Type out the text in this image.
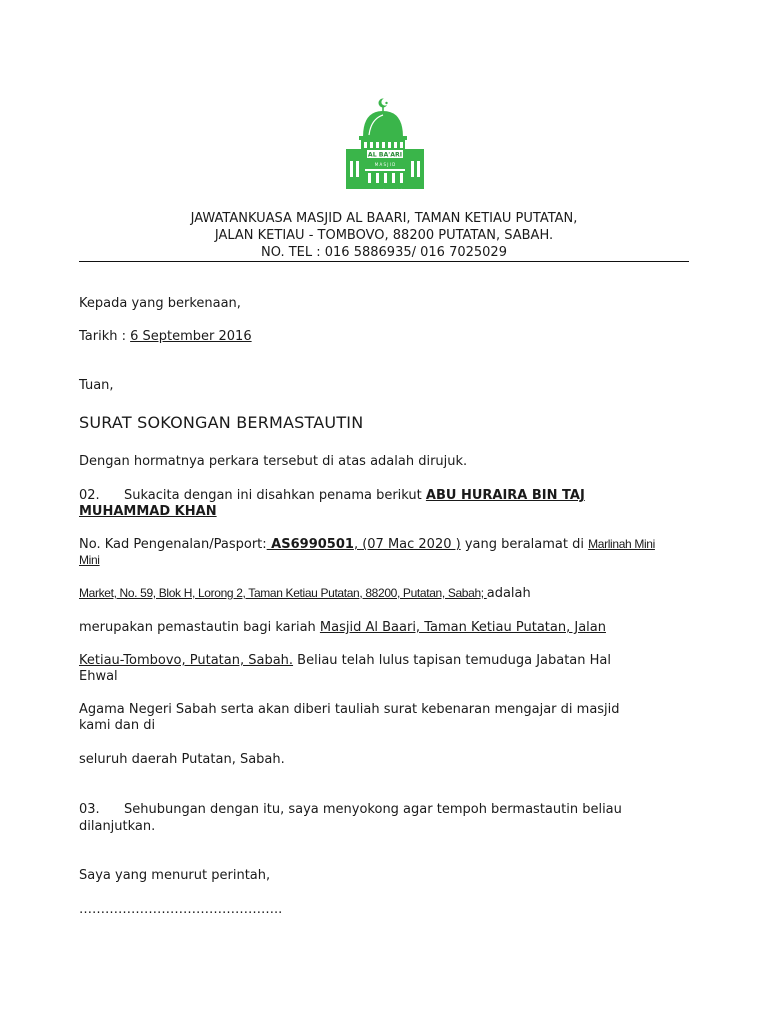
AL BA'ARI
M A S J I D
Taman Ketiau Putatan
JAWATANKUASA MASJID AL BAARI, TAMAN KETIAU PUTATAN,
JALAN KETIAU - TOMBOVO, 88200 PUTATAN, SABAH.
NO. TEL : 016 5886935/ 016 7025029
Kepada yang berkenaan,
Tarikh : 6 September 2016
Tuan,
SURAT SOKONGAN BERMASTAUTIN
Dengan hormatnya perkara tersebut di atas adalah dirujuk.
02. Sukacita dengan ini disahkan penama berikut ABU HURAIRA BIN TAJ
MUHAMMAD KHAN
No. Kad Pengenalan/Pasport: AS6990501, (07 Mac 2020 ) yang beralamat di Marlinah Mini
Mini
Market, No. 59, Blok H, Lorong 2, Taman Ketiau Putatan, 88200, Putatan, Sabah; adalah
merupakan pemastautin bagi kariah Masjid Al Baari, Taman Ketiau Putatan, Jalan
Ketiau-Tombovo, Putatan, Sabah. Beliau telah lulus tapisan temuduga Jabatan Hal
Ehwal
Agama Negeri Sabah serta akan diberi tauliah surat kebenaran mengajar di masjid
kami dan di
seluruh daerah Putatan, Sabah.
03. Sehubungan dengan itu, saya menyokong agar tempoh bermastautin beliau
dilanjutkan.
Saya yang menurut perintah,
………………………………………..
